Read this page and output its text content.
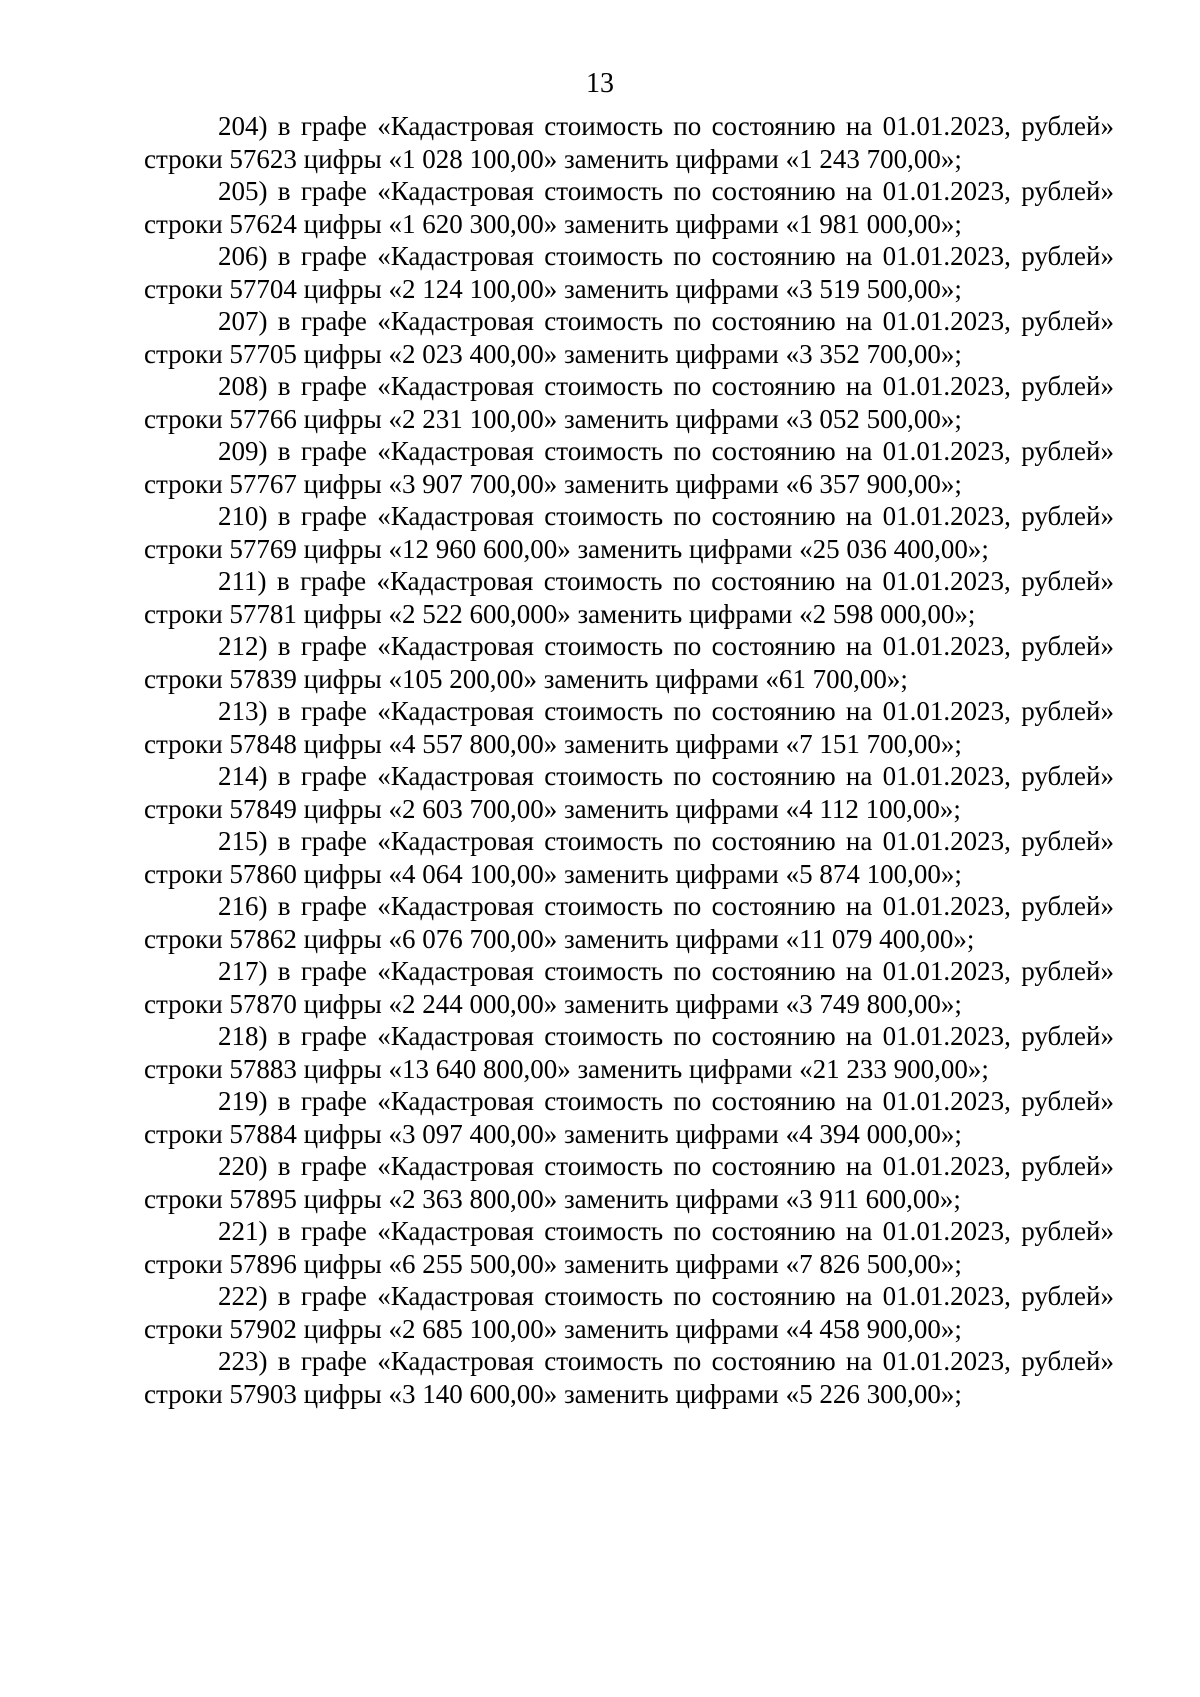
13

204) в графе «Кадастровая стоимость по состоянию на 01.01.2023, рублей» строки 57623 цифры «1 028 100,00» заменить цифрами «1 243 700,00»;

205) в графе «Кадастровая стоимость по состоянию на 01.01.2023, рублей» строки 57624 цифры «1 620 300,00» заменить цифрами «1 981 000,00»;

206) в графе «Кадастровая стоимость по состоянию на 01.01.2023, рублей» строки 57704 цифры «2 124 100,00» заменить цифрами «3 519 500,00»;

207) в графе «Кадастровая стоимость по состоянию на 01.01.2023, рублей» строки 57705 цифры «2 023 400,00» заменить цифрами «3 352 700,00»;

208) в графе «Кадастровая стоимость по состоянию на 01.01.2023, рублей» строки 57766 цифры «2 231 100,00» заменить цифрами «3 052 500,00»;

209) в графе «Кадастровая стоимость по состоянию на 01.01.2023, рублей» строки 57767 цифры «3 907 700,00» заменить цифрами «6 357 900,00»;

210) в графе «Кадастровая стоимость по состоянию на 01.01.2023, рублей» строки 57769 цифры «12 960 600,00» заменить цифрами «25 036 400,00»;

211) в графе «Кадастровая стоимость по состоянию на 01.01.2023, рублей» строки 57781 цифры «2 522 600,000» заменить цифрами «2 598 000,00»;

212) в графе «Кадастровая стоимость по состоянию на 01.01.2023, рублей» строки 57839 цифры «105 200,00» заменить цифрами «61 700,00»;

213) в графе «Кадастровая стоимость по состоянию на 01.01.2023, рублей» строки 57848 цифры «4 557 800,00» заменить цифрами «7 151 700,00»;

214) в графе «Кадастровая стоимость по состоянию на 01.01.2023, рублей» строки 57849 цифры «2 603 700,00» заменить цифрами «4 112 100,00»;

215) в графе «Кадастровая стоимость по состоянию на 01.01.2023, рублей» строки 57860 цифры «4 064 100,00» заменить цифрами «5 874 100,00»;

216) в графе «Кадастровая стоимость по состоянию на 01.01.2023, рублей» строки 57862 цифры «6 076 700,00» заменить цифрами «11 079 400,00»;

217) в графе «Кадастровая стоимость по состоянию на 01.01.2023, рублей» строки 57870 цифры «2 244 000,00» заменить цифрами «3 749 800,00»;

218) в графе «Кадастровая стоимость по состоянию на 01.01.2023, рублей» строки 57883 цифры «13 640 800,00» заменить цифрами «21 233 900,00»;

219) в графе «Кадастровая стоимость по состоянию на 01.01.2023, рублей» строки 57884 цифры «3 097 400,00» заменить цифрами «4 394 000,00»;

220) в графе «Кадастровая стоимость по состоянию на 01.01.2023, рублей» строки 57895 цифры «2 363 800,00» заменить цифрами «3 911 600,00»;

221) в графе «Кадастровая стоимость по состоянию на 01.01.2023, рублей» строки 57896 цифры «6 255 500,00» заменить цифрами «7 826 500,00»;

222) в графе «Кадастровая стоимость по состоянию на 01.01.2023, рублей» строки 57902 цифры «2 685 100,00» заменить цифрами «4 458 900,00»;

223) в графе «Кадастровая стоимость по состоянию на 01.01.2023, рублей» строки 57903 цифры «3 140 600,00» заменить цифрами «5 226 300,00»;
